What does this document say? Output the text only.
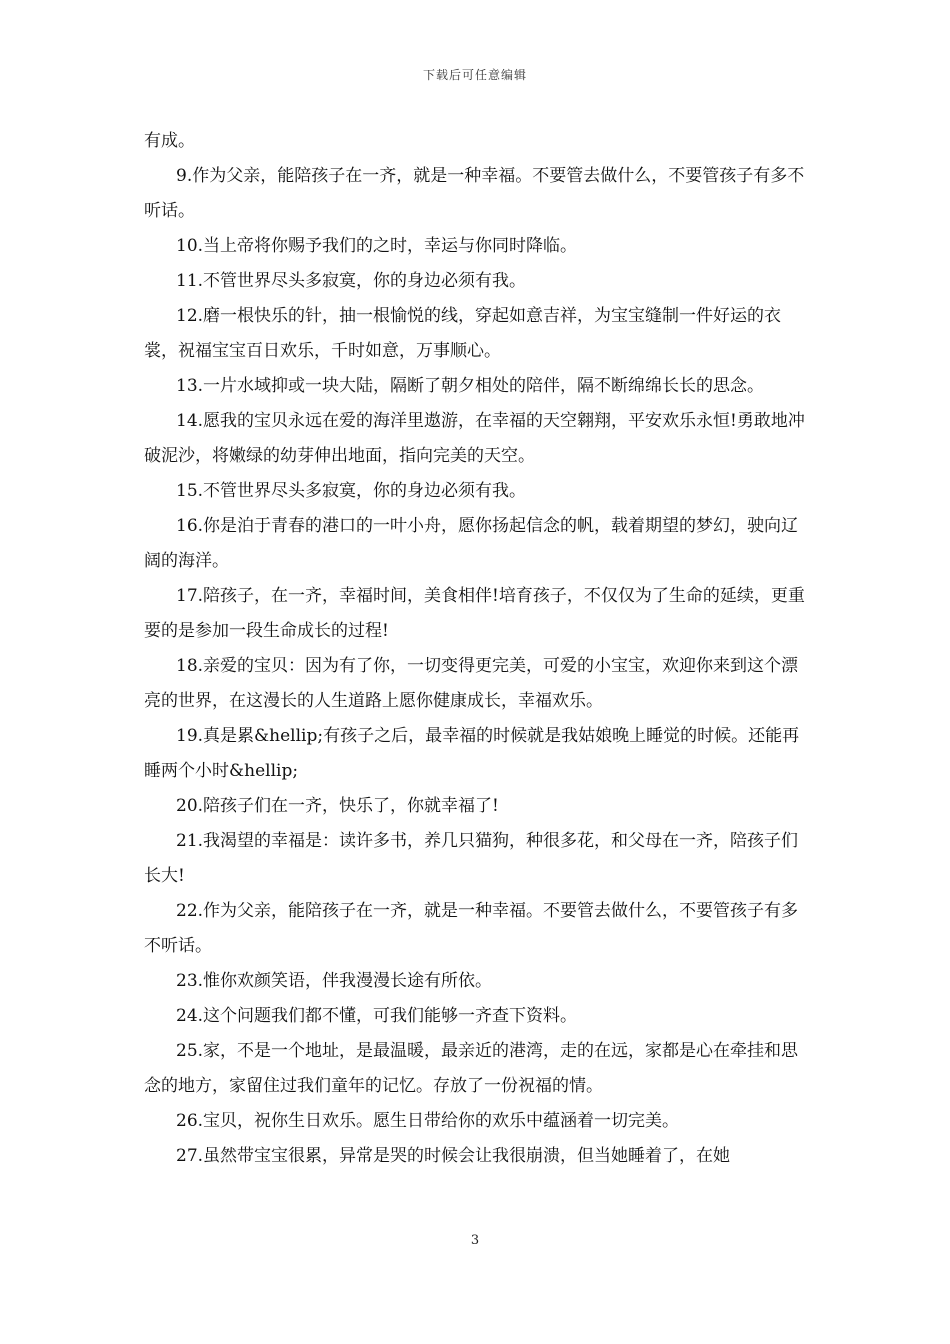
下载后可任意编辑

有成。

9.作为父亲，能陪孩子在一齐，就是一种幸福。不要管去做什么，不要管孩子有多不听话。

10.当上帝将你赐予我们的之时，幸运与你同时降临。

11.不管世界尽头多寂寞，你的身边必须有我。

12.磨一根快乐的针，抽一根愉悦的线，穿起如意吉祥，为宝宝缝制一件好运的衣裳，祝福宝宝百日欢乐，千时如意，万事顺心。

13.一片水域抑或一块大陆，隔断了朝夕相处的陪伴，隔不断绵绵长长的思念。

14.愿我的宝贝永远在爱的海洋里遨游，在幸福的天空翱翔，平安欢乐永恒!勇敢地冲破泥沙，将嫩绿的幼芽伸出地面，指向完美的天空。

15.不管世界尽头多寂寞，你的身边必须有我。

16.你是泊于青春的港口的一叶小舟，愿你扬起信念的帆，载着期望的梦幻，驶向辽阔的海洋。

17.陪孩子，在一齐，幸福时间，美食相伴!培育孩子，不仅仅为了生命的延续，更重要的是参加一段生命成长的过程!

18.亲爱的宝贝：因为有了你，一切变得更完美，可爱的小宝宝，欢迎你来到这个漂亮的世界，在这漫长的人生道路上愿你健康成长，幸福欢乐。

19.真是累&hellip;有孩子之后，最幸福的时候就是我姑娘晚上睡觉的时候。还能再睡两个小时&hellip;

20.陪孩子们在一齐，快乐了，你就幸福了!

21.我渴望的幸福是：读许多书，养几只猫狗，种很多花，和父母在一齐，陪孩子们长大!

22.作为父亲，能陪孩子在一齐，就是一种幸福。不要管去做什么，不要管孩子有多不听话。

23.惟你欢颜笑语，伴我漫漫长途有所依。

24.这个问题我们都不懂，可我们能够一齐查下资料。

25.家，不是一个地址，是最温暖，最亲近的港湾，走的在远，家都是心在牵挂和思念的地方，家留住过我们童年的记忆。存放了一份祝福的情。

26.宝贝，祝你生日欢乐。愿生日带给你的欢乐中蕴涵着一切完美。

27.虽然带宝宝很累，异常是哭的时候会让我很崩溃，但当她睡着了，在她

3
